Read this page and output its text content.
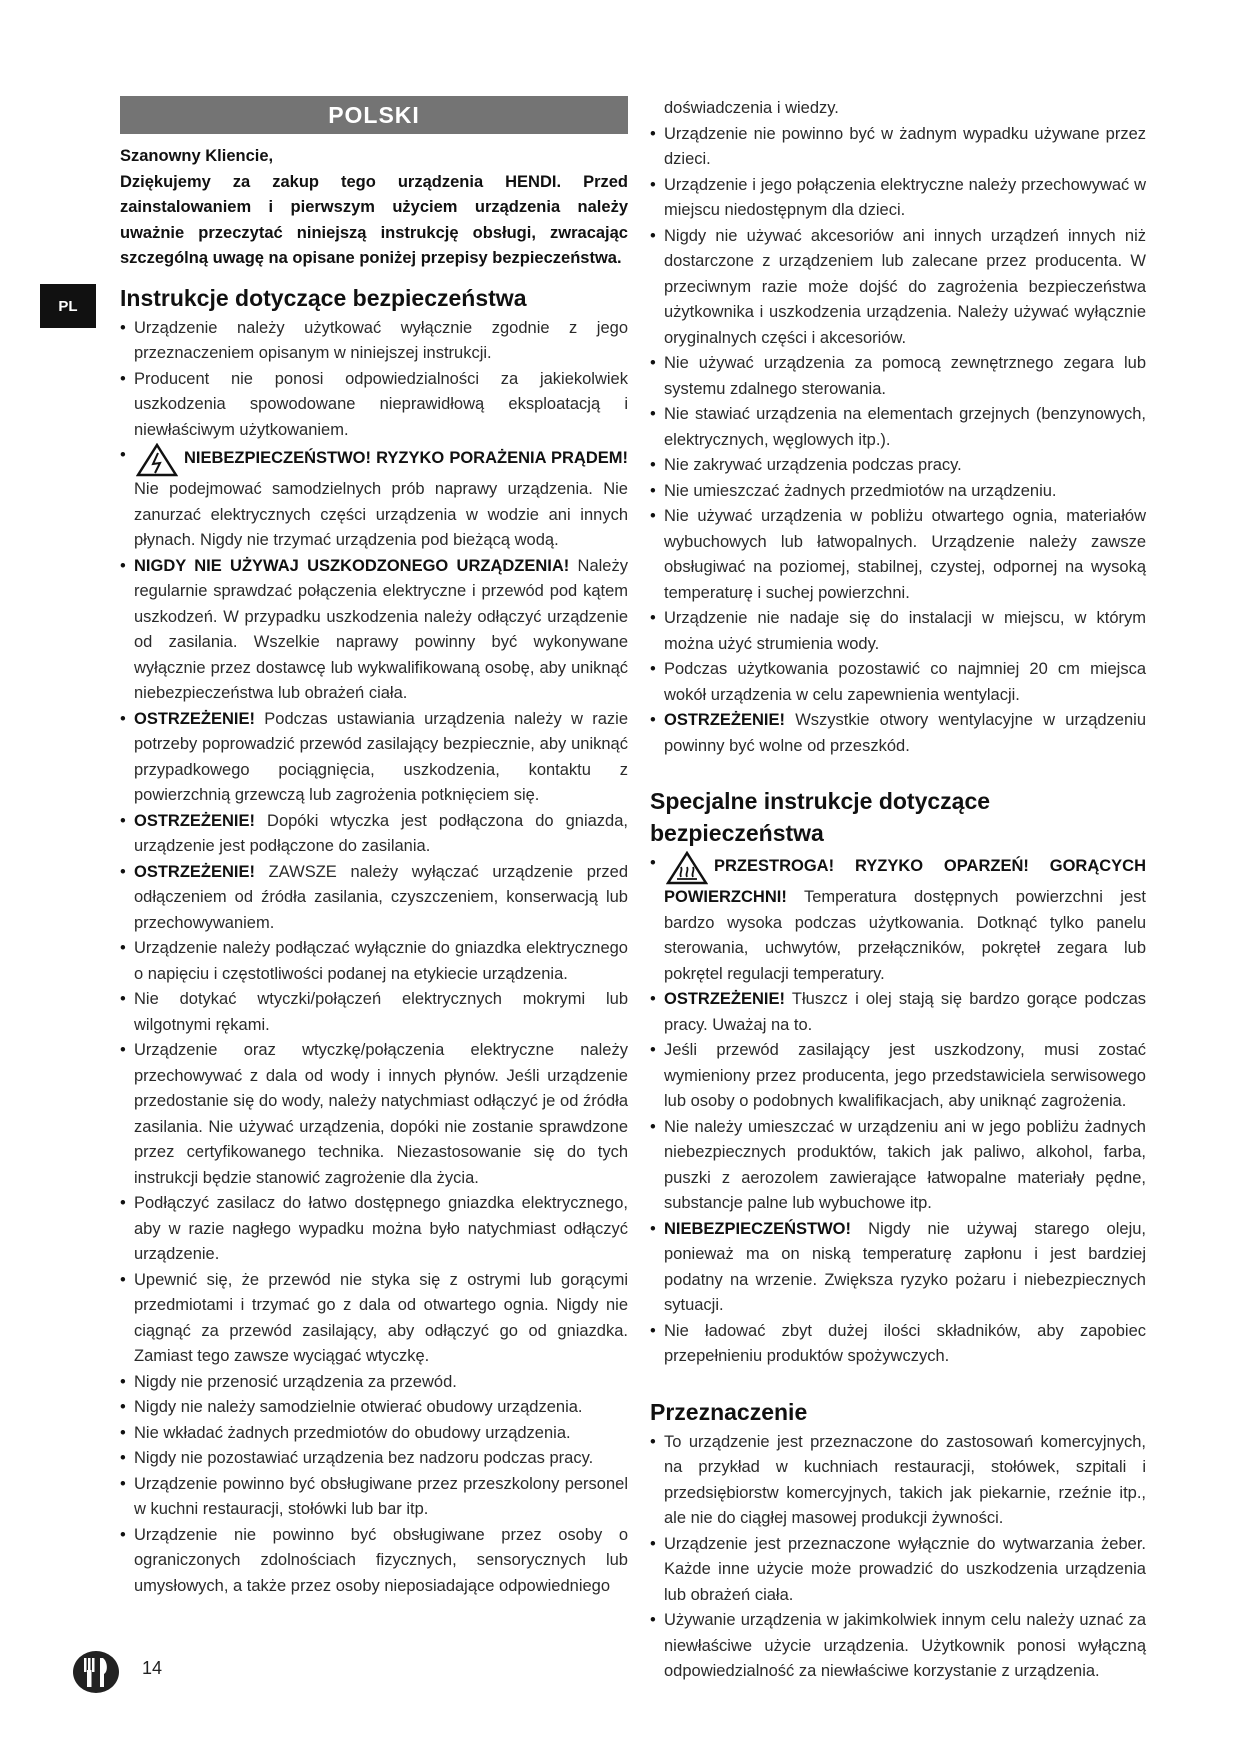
PL
POLSKI

Szanowny Kliencie,

Dziękujemy za zakup tego urządzenia HENDI. Przed zainstalowaniem i pierwszym użyciem urządzenia należy uważnie przeczytać niniejszą instrukcję obsługi, zwracając szczególną uwagę na opisane poniżej przepisy bezpieczeństwa.

Instrukcje dotyczące bezpieczeństwa
• Urządzenie należy użytkować wyłącznie zgodnie z jego przeznaczeniem opisanym w niniejszej instrukcji.
• Producent nie ponosi odpowiedzialności za jakiekolwiek uszkodzenia spowodowane nieprawidłową eksploatacją i niewłaściwym użytkowaniem.
• NIEBEZPIECZEŃSTWO! RYZYKO PORAŻENIA PRĄDEM! Nie podejmować samodzielnych prób naprawy urządzenia. Nie zanurzać elektrycznych części urządzenia w wodzie ani innych płynach. Nigdy nie trzymać urządzenia pod bieżącą wodą.
• NIGDY NIE UŻYWAJ USZKODZONEGO URZĄDZENIA! Należy regularnie sprawdzać połączenia elektryczne i przewód pod kątem uszkodzeń. W przypadku uszkodzenia należy odłączyć urządzenie od zasilania. Wszelkie naprawy powinny być wykonywane wyłącznie przez dostawcę lub wykwalifikowaną osobę, aby uniknąć niebezpieczeństwa lub obrażeń ciała.
• OSTRZEŻENIE! Podczas ustawiania urządzenia należy w razie potrzeby poprowadzić przewód zasilający bezpiecznie, aby uniknąć przypadkowego pociągnięcia, uszkodzenia, kontaktu z powierzchnią grzewczą lub zagrożenia potknięciem się.
• OSTRZEŻENIE! Dopóki wtyczka jest podłączona do gniazda, urządzenie jest podłączone do zasilania.
• OSTRZEŻENIE! ZAWSZE należy wyłączać urządzenie przed odłączeniem od źródła zasilania, czyszczeniem, konserwacją lub przechowywaniem.
• Urządzenie należy podłączać wyłącznie do gniazdka elektrycznego o napięciu i częstotliwości podanej na etykiecie urządzenia.
• Nie dotykać wtyczki/połączeń elektrycznych mokrymi lub wilgotnymi rękami.
• Urządzenie oraz wtyczkę/połączenia elektryczne należy przechowywać z dala od wody i innych płynów. Jeśli urządzenie przedostanie się do wody, należy natychmiast odłączyć je od źródła zasilania. Nie używać urządzenia, dopóki nie zostanie sprawdzone przez certyfikowanego technika. Niezastosowanie się do tych instrukcji będzie stanowić zagrożenie dla życia.
• Podłączyć zasilacz do łatwo dostępnego gniazdka elektrycznego, aby w razie nagłego wypadku można było natychmiast odłączyć urządzenie.
• Upewnić się, że przewód nie styka się z ostrymi lub gorącymi przedmiotami i trzymać go z dala od otwartego ognia. Nigdy nie ciągnąć za przewód zasilający, aby odłączyć go od gniazdka. Zamiast tego zawsze wyciągać wtyczkę.
• Nigdy nie przenosić urządzenia za przewód.
• Nigdy nie należy samodzielnie otwierać obudowy urządzenia.
• Nie wkładać żadnych przedmiotów do obudowy urządzenia.
• Nigdy nie pozostawiać urządzenia bez nadzoru podczas pracy.
• Urządzenie powinno być obsługiwane przez przeszkolony personel w kuchni restauracji, stołówki lub bar itp.
• Urządzenie nie powinno być obsługiwane przez osoby o ograniczonych zdolnościach fizycznych, sensorycznych lub umysłowych, a także przez osoby nieposiadające odpowiedniego
doświadczenia i wiedzy.
• Urządzenie nie powinno być w żadnym wypadku używane przez dzieci.
• Urządzenie i jego połączenia elektryczne należy przechowywać w miejscu niedostępnym dla dzieci.
• Nigdy nie używać akcesoriów ani innych urządzeń innych niż dostarczone z urządzeniem lub zalecane przez producenta. W przeciwnym razie może dojść do zagrożenia bezpieczeństwa użytkownika i uszkodzenia urządzenia. Należy używać wyłącznie oryginalnych części i akcesoriów.
• Nie używać urządzenia za pomocą zewnętrznego zegara lub systemu zdalnego sterowania.
• Nie stawiać urządzenia na elementach grzejnych (benzynowych, elektrycznych, węglowych itp.).
• Nie zakrywać urządzenia podczas pracy.
• Nie umieszczać żadnych przedmiotów na urządzeniu.
• Nie używać urządzenia w pobliżu otwartego ognia, materiałów wybuchowych lub łatwopalnych. Urządzenie należy zawsze obsługiwać na poziomej, stabilnej, czystej, odpornej na wysoką temperaturę i suchej powierzchni.
• Urządzenie nie nadaje się do instalacji w miejscu, w którym można użyć strumienia wody.
• Podczas użytkowania pozostawić co najmniej 20 cm miejsca wokół urządzenia w celu zapewnienia wentylacji.
• OSTRZEŻENIE! Wszystkie otwory wentylacyjne w urządzeniu powinny być wolne od przeszkód.
Specjalne instrukcje dotyczące bezpieczeństwa
• PRZESTROGA! RYZYKO OPARZEŃ! GORĄCYCH POWIERZCHNI! Temperatura dostępnych powierzchni jest bardzo wysoka podczas użytkowania. Dotknąć tylko panelu sterowania, uchwytów, przełączników, pokręteł zegara lub pokrętel regulacji temperatury.
• OSTRZEŻENIE! Tłuszcz i olej stają się bardzo gorące podczas pracy. Uważaj na to.
• Jeśli przewód zasilający jest uszkodzony, musi zostać wymieniony przez producenta, jego przedstawiciela serwisowego lub osoby o podobnych kwalifikacjach, aby uniknąć zagrożenia.
• Nie należy umieszczać w urządzeniu ani w jego pobliżu żadnych niebezpiecznych produktów, takich jak paliwo, alkohol, farba, puszki z aerozolem zawierające łatwopalne materiały pędne, substancje palne lub wybuchowe itp.
• NIEBEZPIECZEŃSTWO! Nigdy nie używaj starego oleju, ponieważ ma on niską temperaturę zapłonu i jest bardziej podatny na wrzenie. Zwiększa ryzyko pożaru i niebezpiecznych sytuacji.
• Nie ładować zbyt dużej ilości składników, aby zapobiec przepełnieniu produktów spożywczych.
Przeznaczenie
• To urządzenie jest przeznaczone do zastosowań komercyjnych, na przykład w kuchniach restauracji, stołówek, szpitali i przedsiębiorstw komercyjnych, takich jak piekarnie, rzeźnie itp., ale nie do ciągłej masowej produkcji żywności.
• Urządzenie jest przeznaczone wyłącznie do wytwarzania żeber. Każde inne użycie może prowadzić do uszkodzenia urządzenia lub obrażeń ciała.
• Używanie urządzenia w jakimkolwiek innym celu należy uznać za niewłaściwe użycie urządzenia. Użytkownik ponosi wyłączną odpowiedzialność za niewłaściwe korzystanie z urządzenia.
14
